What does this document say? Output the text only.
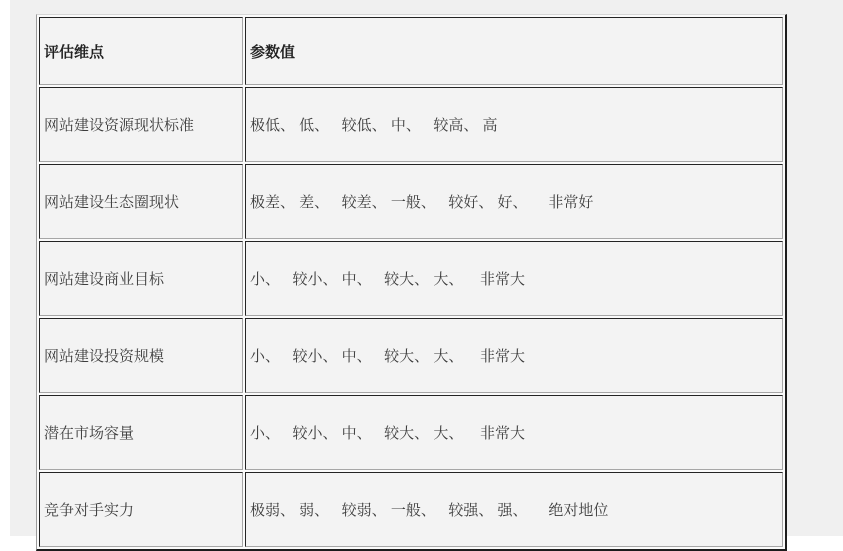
评估维点	参数值
网站建设资源现状标准	极低、 低、   较低、 中、   较高、 高
网站建设生态圈现状	极差、 差、   较差、 一般、   较好、 好、     非常好
网站建设商业目标	小、   较小、 中、   较大、 大、    非常大
网站建设投资规模	小、   较小、 中、   较大、 大、    非常大
潜在市场容量	小、   较小、 中、   较大、 大、    非常大
竞争对手实力	极弱、 弱、   较弱、 一般、   较强、 强、     绝对地位
